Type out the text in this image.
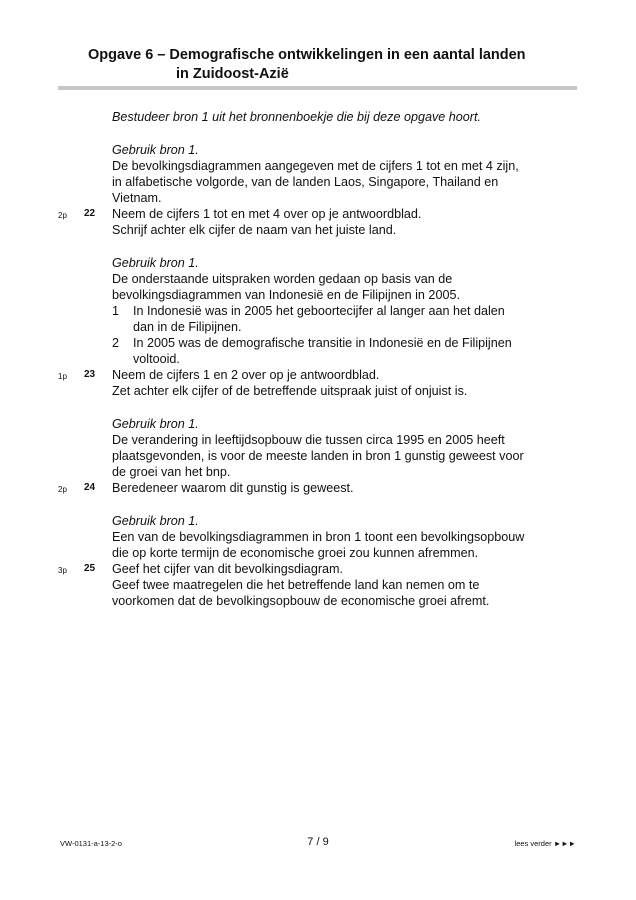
Opgave 6 – Demografische ontwikkelingen in een aantal landen
in Zuidoost-Azië
Bestudeer bron 1 uit het bronnenboekje die bij deze opgave hoort.
Gebruik bron 1.
De bevolkingsdiagrammen aangegeven met de cijfers 1 tot en met 4 zijn,
in alfabetische volgorde, van de landen Laos, Singapore, Thailand en
Vietnam.
2p 22 Neem de cijfers 1 tot en met 4 over op je antwoordblad.
Schrijf achter elk cijfer de naam van het juiste land.
Gebruik bron 1.
De onderstaande uitspraken worden gedaan op basis van de
bevolkingsdiagrammen van Indonesië en de Filipijnen in 2005.
1 In Indonesië was in 2005 het geboortecijfer al langer aan het dalen
dan in de Filipijnen.
2 In 2005 was de demografische transitie in Indonesië en de Filipijnen
voltooid.
1p 23 Neem de cijfers 1 en 2 over op je antwoordblad.
Zet achter elk cijfer of de betreffende uitspraak juist of onjuist is.
Gebruik bron 1.
De verandering in leeftijdsopbouw die tussen circa 1995 en 2005 heeft
plaatsgevonden, is voor de meeste landen in bron 1 gunstig geweest voor
de groei van het bnp.
2p 24 Beredeneer waarom dit gunstig is geweest.
Gebruik bron 1.
Een van de bevolkingsdiagrammen in bron 1 toont een bevolkingsopbouw
die op korte termijn de economische groei zou kunnen afremmen.
3p 25 Geef het cijfer van dit bevolkingsdiagram.
Geef twee maatregelen die het betreffende land kan nemen om te
voorkomen dat de bevolkingsopbouw de economische groei afremt.
VW-0131-a-13-2-o	7 / 9	lees verder ►►►
